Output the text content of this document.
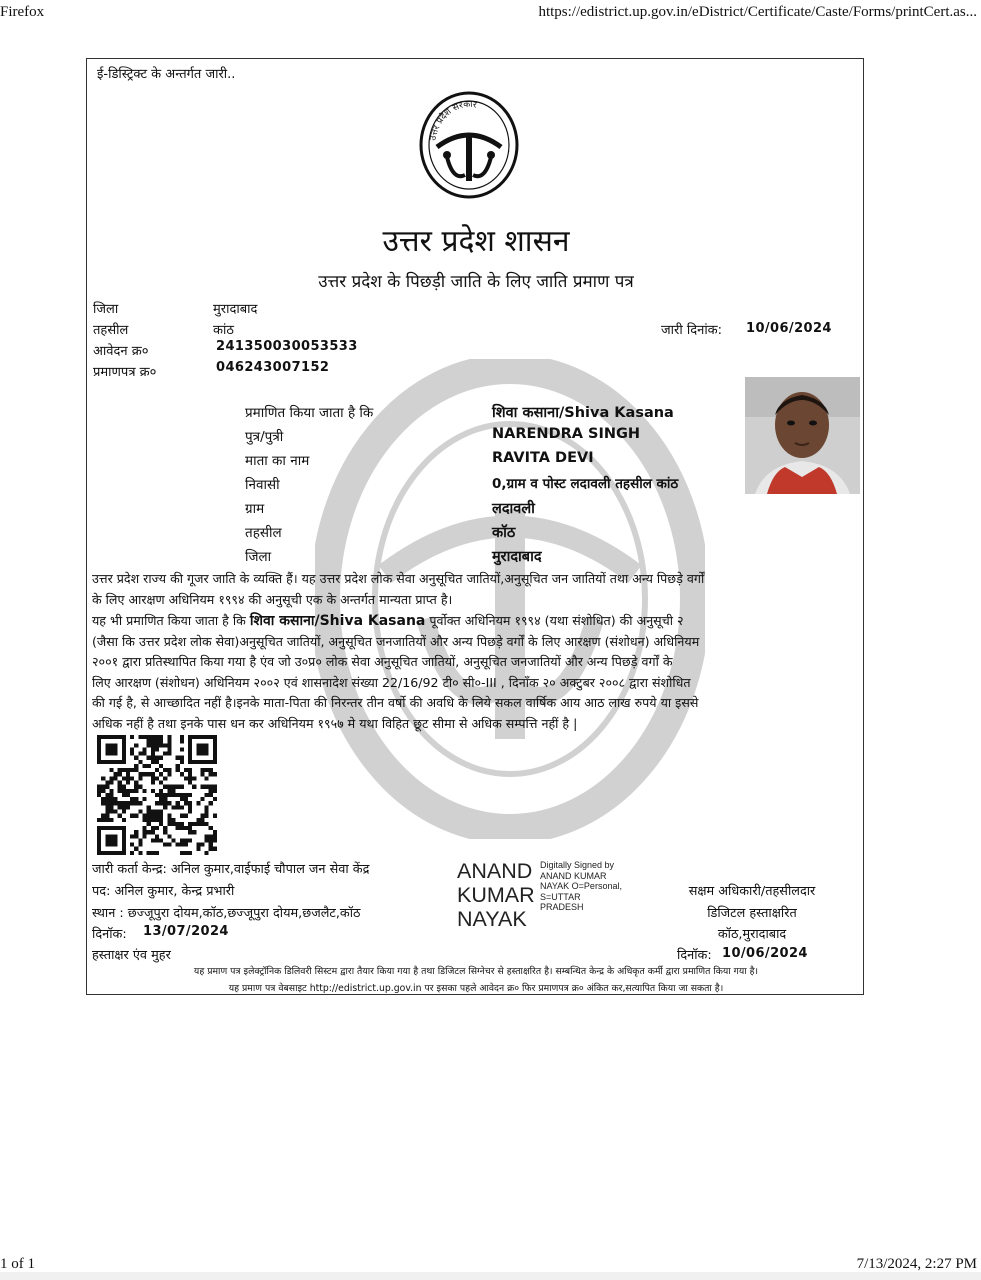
Firefox	https://edistrict.up.gov.in/eDistrict/Certificate/Caste/Forms/printCert.as...
ई-डिस्ट्रिक्ट के अन्तर्गत जारी..
उत्तर प्रदेश सरकार
उत्तर प्रदेश शासन
उत्तर प्रदेश के पिछड़ी जाति के लिए जाति प्रमाण पत्र
जिला	मुरादाबाद
तहसील	कांठ
आवेदन क्र०	241350030053533
प्रमाणपत्र क्र०	046243007152
जारी दिनांक: 10/06/2024
प्रमाणित किया जाता है कि	शिवा कसाना/Shiva Kasana
पुत्र/पुत्री	NARENDRA SINGH
माता का नाम	RAVITA DEVI
निवासी	0,ग्राम व पोस्ट लदावली तहसील कांठ
ग्राम	लदावली
तहसील	कॉठ
जिला	मुरादाबाद
उत्तर प्रदेश राज्य की गूजर जाति के व्यक्ति हैं। यह उत्तर प्रदेश लोक सेवा अनुसूचित जातियों,अनुसूचित जन जातियों तथा अन्य पिछड़े वर्गों
के लिए आरक्षण अधिनियम १९९४ की अनुसूची एक के अन्तर्गत मान्यता प्राप्त है।
यह भी प्रमाणित किया जाता है कि शिवा कसाना/Shiva Kasana पूर्वोक्त अधिनियम १९९४ (यथा संशोधित) की अनुसूची २
(जैसा कि उत्तर प्रदेश लोक सेवा)अनुसूचित जातियों, अनुसूचित जनजातियों और अन्य पिछड़े वर्गों के लिए आरक्षण (संशोधन) अधिनियम
२००१ द्वारा प्रतिस्थापित किया गया है एंव जो उ०प्र० लोक सेवा अनुसूचित जातियों, अनुसूचित जनजातियों और अन्य पिछड़े वर्गों के
लिए आरक्षण (संशोधन) अधिनियम २००२ एवं शासनादेश संख्या 22/16/92 टी० सी०-III , दिनाँक २० अक्टुबर २००८ द्वारा संशोधित
की गई है, से आच्छादित नहीं है।इनके माता-पिता की निरन्तर तीन वर्षो की अवधि के लिये सकल वार्षिक आय आठ लाख रुपये या इससे
अधिक नहीं है तथा इनके पास धन कर अधिनियम १९५७ मे यथा विहित छूट सीमा से अधिक सम्पत्ति नहीं है |
जारी कर्ता केन्द्र: अनिल कुमार,वाईफाई चौपाल जन सेवा केंद्र
पद: अनिल कुमार, केन्द्र प्रभारी
स्थान : छज्जूपुरा दोयम,कॉठ,छज्जूपुरा दोयम,छजलैट,कॉठ
दिनॉक: 13/07/2024
हस्ताक्षर एंव मुहर
ANAND
KUMAR
NAYAK
Digitally Signed by
ANAND KUMAR
NAYAK O=Personal,
S=UTTAR
PRADESH
सक्षम अधिकारी/तहसीलदार
डिजिटल हस्ताक्षरित
कॉठ,मुरादाबाद
दिनॉक: 10/06/2024
यह प्रमाण पत्र इलेक्ट्रॉनिक डिलिवरी सिस्टम द्वारा तैयार किया गया है तथा डिजिटल सिग्नेचर से हस्ताक्षरित है। सम्बन्धित केन्द्र के अधिकृत कर्मी द्वारा प्रमाणित किया गया है।
यह प्रमाण पत्र वेबसाइट http://edistrict.up.gov.in पर इसका पहले आवेदन क्र० फिर प्रमाणपत्र क्र० अंकित कर,सत्यापित किया जा सकता है।
1 of 1	7/13/2024, 2:27 PM
